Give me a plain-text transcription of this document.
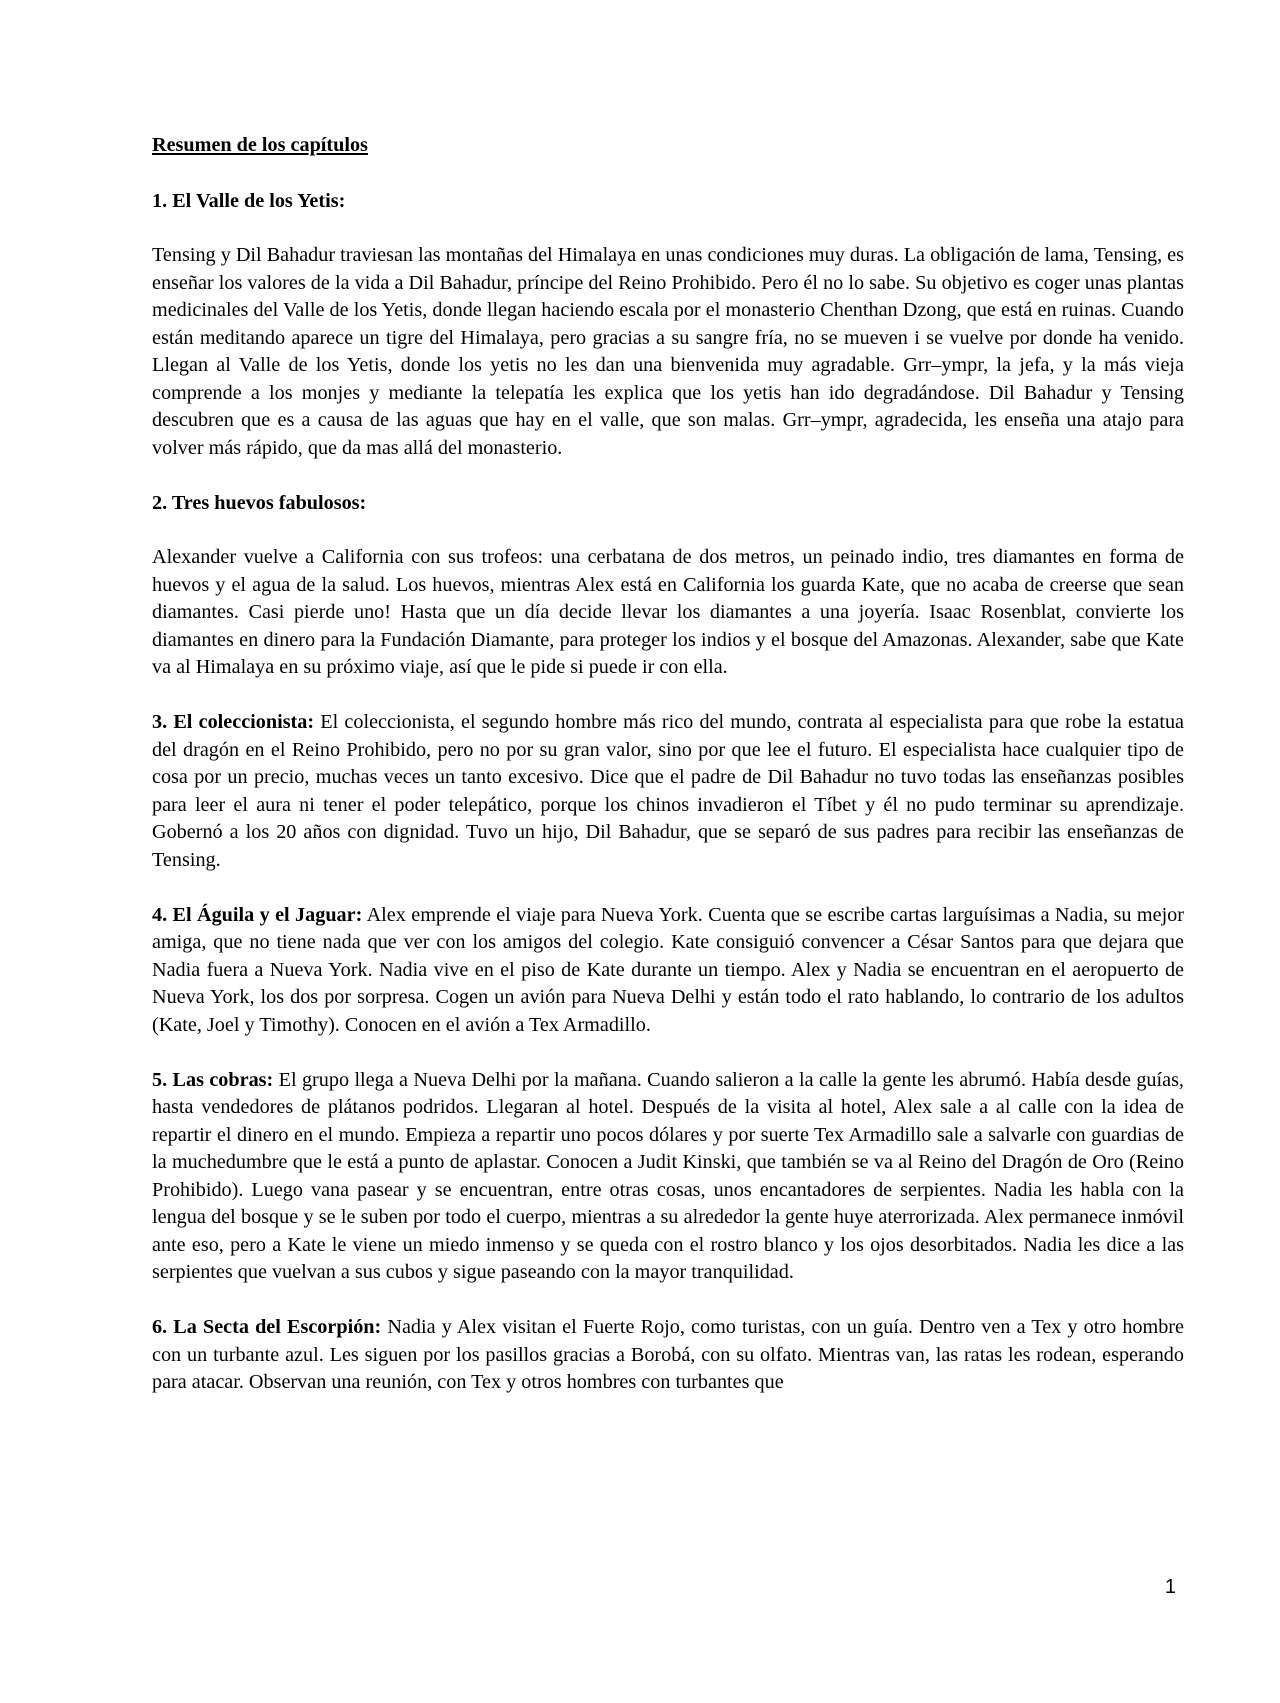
Resumen de los capítulos
1. El Valle de los Yetis:

Tensing y Dil Bahadur traviesan las montañas del Himalaya en unas condiciones muy duras. La obligación de lama, Tensing, es enseñar los valores de la vida a Dil Bahadur, príncipe del Reino Prohibido. Pero él no lo sabe. Su objetivo es coger unas plantas medicinales del Valle de los Yetis, donde llegan haciendo escala por el monasterio Chenthan Dzong, que está en ruinas. Cuando están meditando aparece un tigre del Himalaya, pero gracias a su sangre fría, no se mueven i se vuelve por donde ha venido. Llegan al Valle de los Yetis, donde los yetis no les dan una bienvenida muy agradable. Grr–ympr, la jefa, y la más vieja comprende a los monjes y mediante la telepatía les explica que los yetis han ido degradándose. Dil Bahadur y Tensing descubren que es a causa de las aguas que hay en el valle, que son malas. Grr–ympr, agradecida, les enseña una atajo para volver más rápido, que da mas allá del monasterio.

2. Tres huevos fabulosos:

Alexander vuelve a California con sus trofeos: una cerbatana de dos metros, un peinado indio, tres diamantes en forma de huevos y el agua de la salud. Los huevos, mientras Alex está en California los guarda Kate, que no acaba de creerse que sean diamantes. Casi pierde uno! Hasta que un día decide llevar los diamantes a una joyería. Isaac Rosenblat, convierte los diamantes en dinero para la Fundación Diamante, para proteger los indios y el bosque del Amazonas. Alexander, sabe que Kate va al Himalaya en su próximo viaje, así que le pide si puede ir con ella.

3. El coleccionista: El coleccionista, el segundo hombre más rico del mundo, contrata al especialista para que robe la estatua del dragón en el Reino Prohibido, pero no por su gran valor, sino por que lee el futuro. El especialista hace cualquier tipo de cosa por un precio, muchas veces un tanto excesivo. Dice que el padre de Dil Bahadur no tuvo todas las enseñanzas posibles para leer el aura ni tener el poder telepático, porque los chinos invadieron el Tíbet y él no pudo terminar su aprendizaje. Gobernó a los 20 años con dignidad. Tuvo un hijo, Dil Bahadur, que se separó de sus padres para recibir las enseñanzas de Tensing.

4. El Águila y el Jaguar: Alex emprende el viaje para Nueva York. Cuenta que se escribe cartas larguísimas a Nadia, su mejor amiga, que no tiene nada que ver con los amigos del colegio. Kate consiguió convencer a César Santos para que dejara que Nadia fuera a Nueva York. Nadia vive en el piso de Kate durante un tiempo. Alex y Nadia se encuentran en el aeropuerto de Nueva York, los dos por sorpresa. Cogen un avión para Nueva Delhi y están todo el rato hablando, lo contrario de los adultos (Kate, Joel y Timothy). Conocen en el avión a Tex Armadillo.

5. Las cobras: El grupo llega a Nueva Delhi por la mañana. Cuando salieron a la calle la gente les abrumó. Había desde guías, hasta vendedores de plátanos podridos. Llegaran al hotel. Después de la visita al hotel, Alex sale a al calle con la idea de repartir el dinero en el mundo. Empieza a repartir uno pocos dólares y por suerte Tex Armadillo sale a salvarle con guardias de la muchedumbre que le está a punto de aplastar. Conocen a Judit Kinski, que también se va al Reino del Dragón de Oro (Reino Prohibido). Luego vana pasear y se encuentran, entre otras cosas, unos encantadores de serpientes. Nadia les habla con la lengua del bosque y se le suben por todo el cuerpo, mientras a su alrededor la gente huye aterrorizada. Alex permanece inmóvil ante eso, pero a Kate le viene un miedo inmenso y se queda con el rostro blanco y los ojos desorbitados. Nadia les dice a las serpientes que vuelvan a sus cubos y sigue paseando con la mayor tranquilidad.

6. La Secta del Escorpión: Nadia y Alex visitan el Fuerte Rojo, como turistas, con un guía. Dentro ven a Tex y otro hombre con un turbante azul. Les siguen por los pasillos gracias a Borobá, con su olfato. Mientras van, las ratas les rodean, esperando para atacar. Observan una reunión, con Tex y otros hombres con turbantes que

1
